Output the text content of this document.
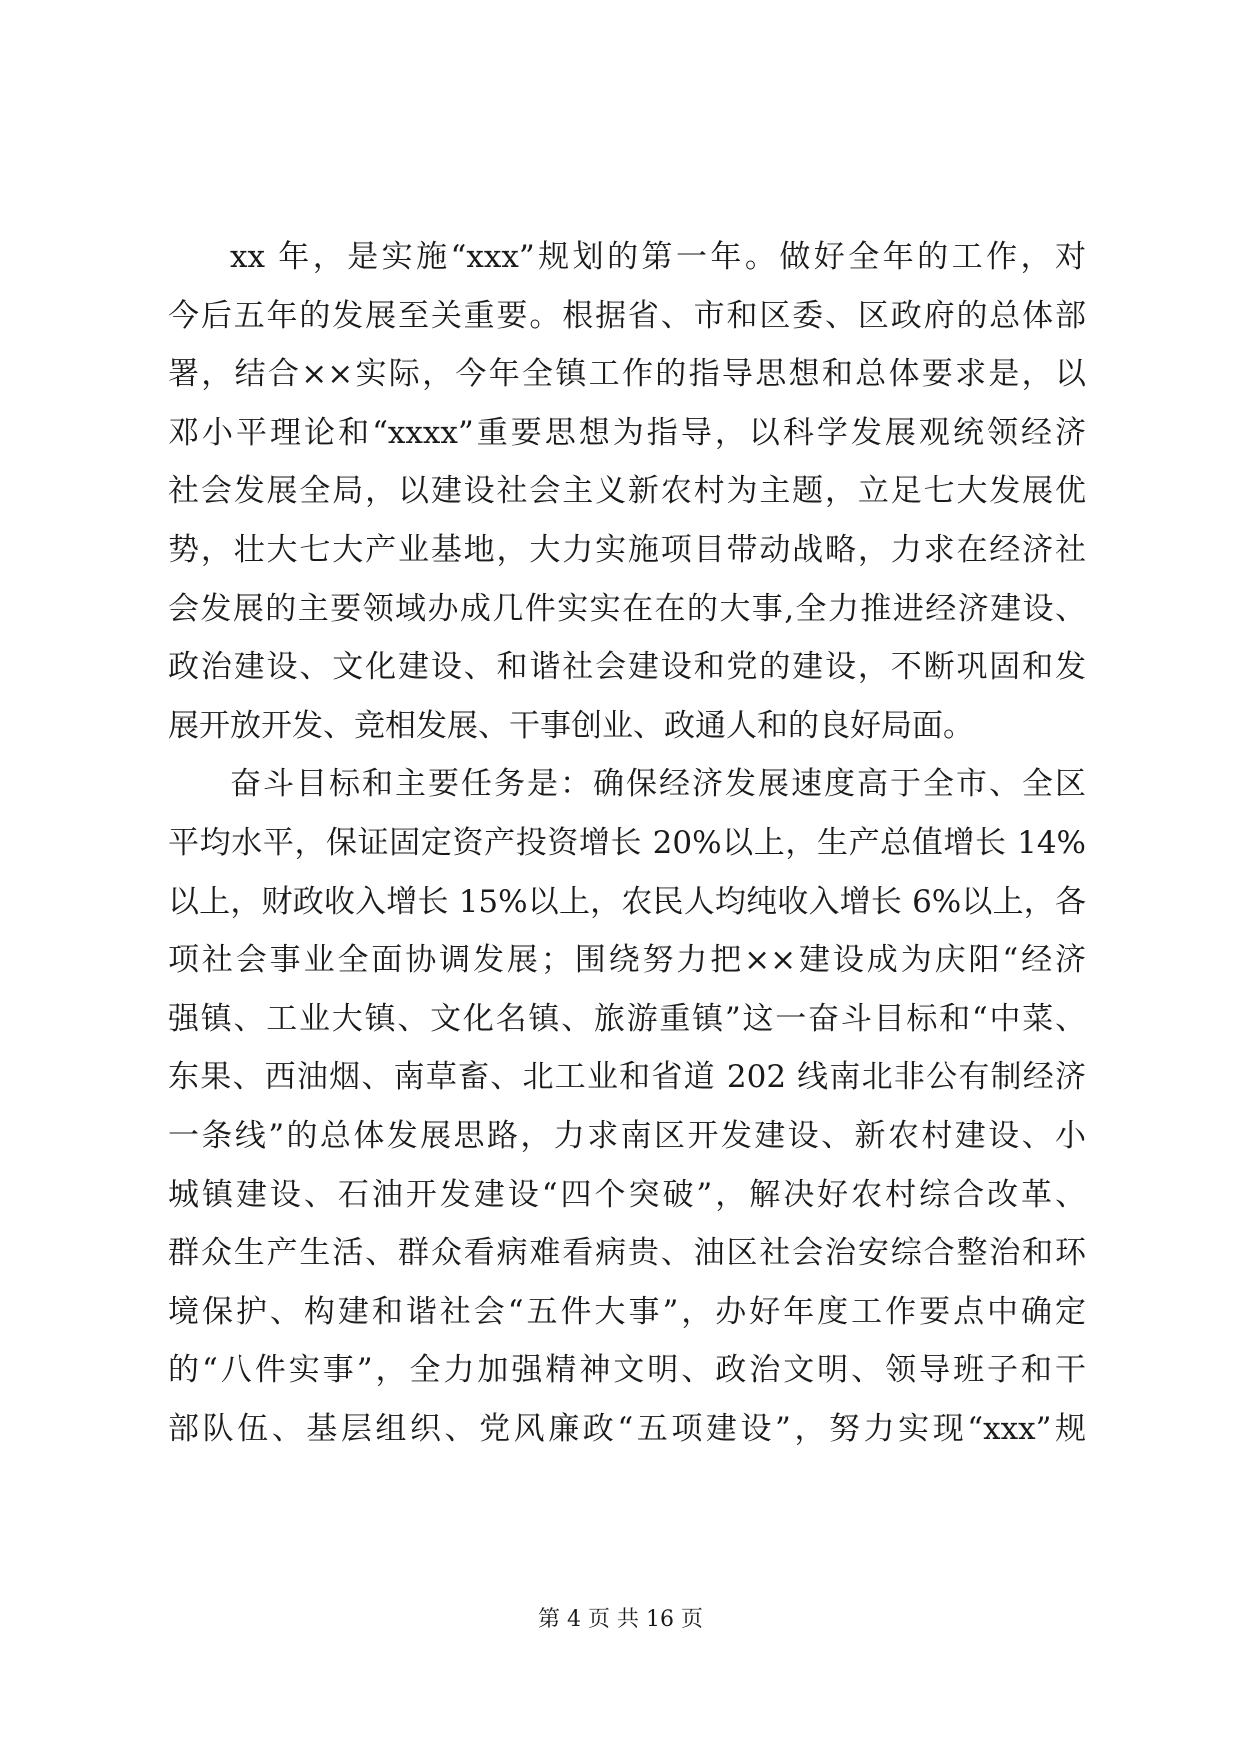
xx 年，是实施“xxx”规划的第一年。做好全年的工作，对
今后五年的发展至关重要。根据省、市和区委、区政府的总体部
署，结合××实际，今年全镇工作的指导思想和总体要求是，以
邓小平理论和“xxxx”重要思想为指导，以科学发展观统领经济
社会发展全局，以建设社会主义新农村为主题，立足七大发展优
势，壮大七大产业基地，大力实施项目带动战略，力求在经济社
会发展的主要领域办成几件实实在在的大事,全力推进经济建设、
政治建设、文化建设、和谐社会建设和党的建设，不断巩固和发
展开放开发、竞相发展、干事创业、政通人和的良好局面。
奋斗目标和主要任务是：确保经济发展速度高于全市、全区
平均水平，保证固定资产投资增长 20%以上，生产总值增长 14%
以上，财政收入增长 15%以上，农民人均纯收入增长 6%以上，各
项社会事业全面协调发展；围绕努力把××建设成为庆阳“经济
强镇、工业大镇、文化名镇、旅游重镇”这一奋斗目标和“中菜、
东果、西油烟、南草畜、北工业和省道 202 线南北非公有制经济
一条线”的总体发展思路，力求南区开发建设、新农村建设、小
城镇建设、石油开发建设“四个突破”，解决好农村综合改革、
群众生产生活、群众看病难看病贵、油区社会治安综合整治和环
境保护、构建和谐社会“五件大事”，办好年度工作要点中确定
的“八件实事”，全力加强精神文明、政治文明、领导班子和干
部队伍、基层组织、党风廉政“五项建设”，努力实现“xxx”规
第 4 页 共 16 页
